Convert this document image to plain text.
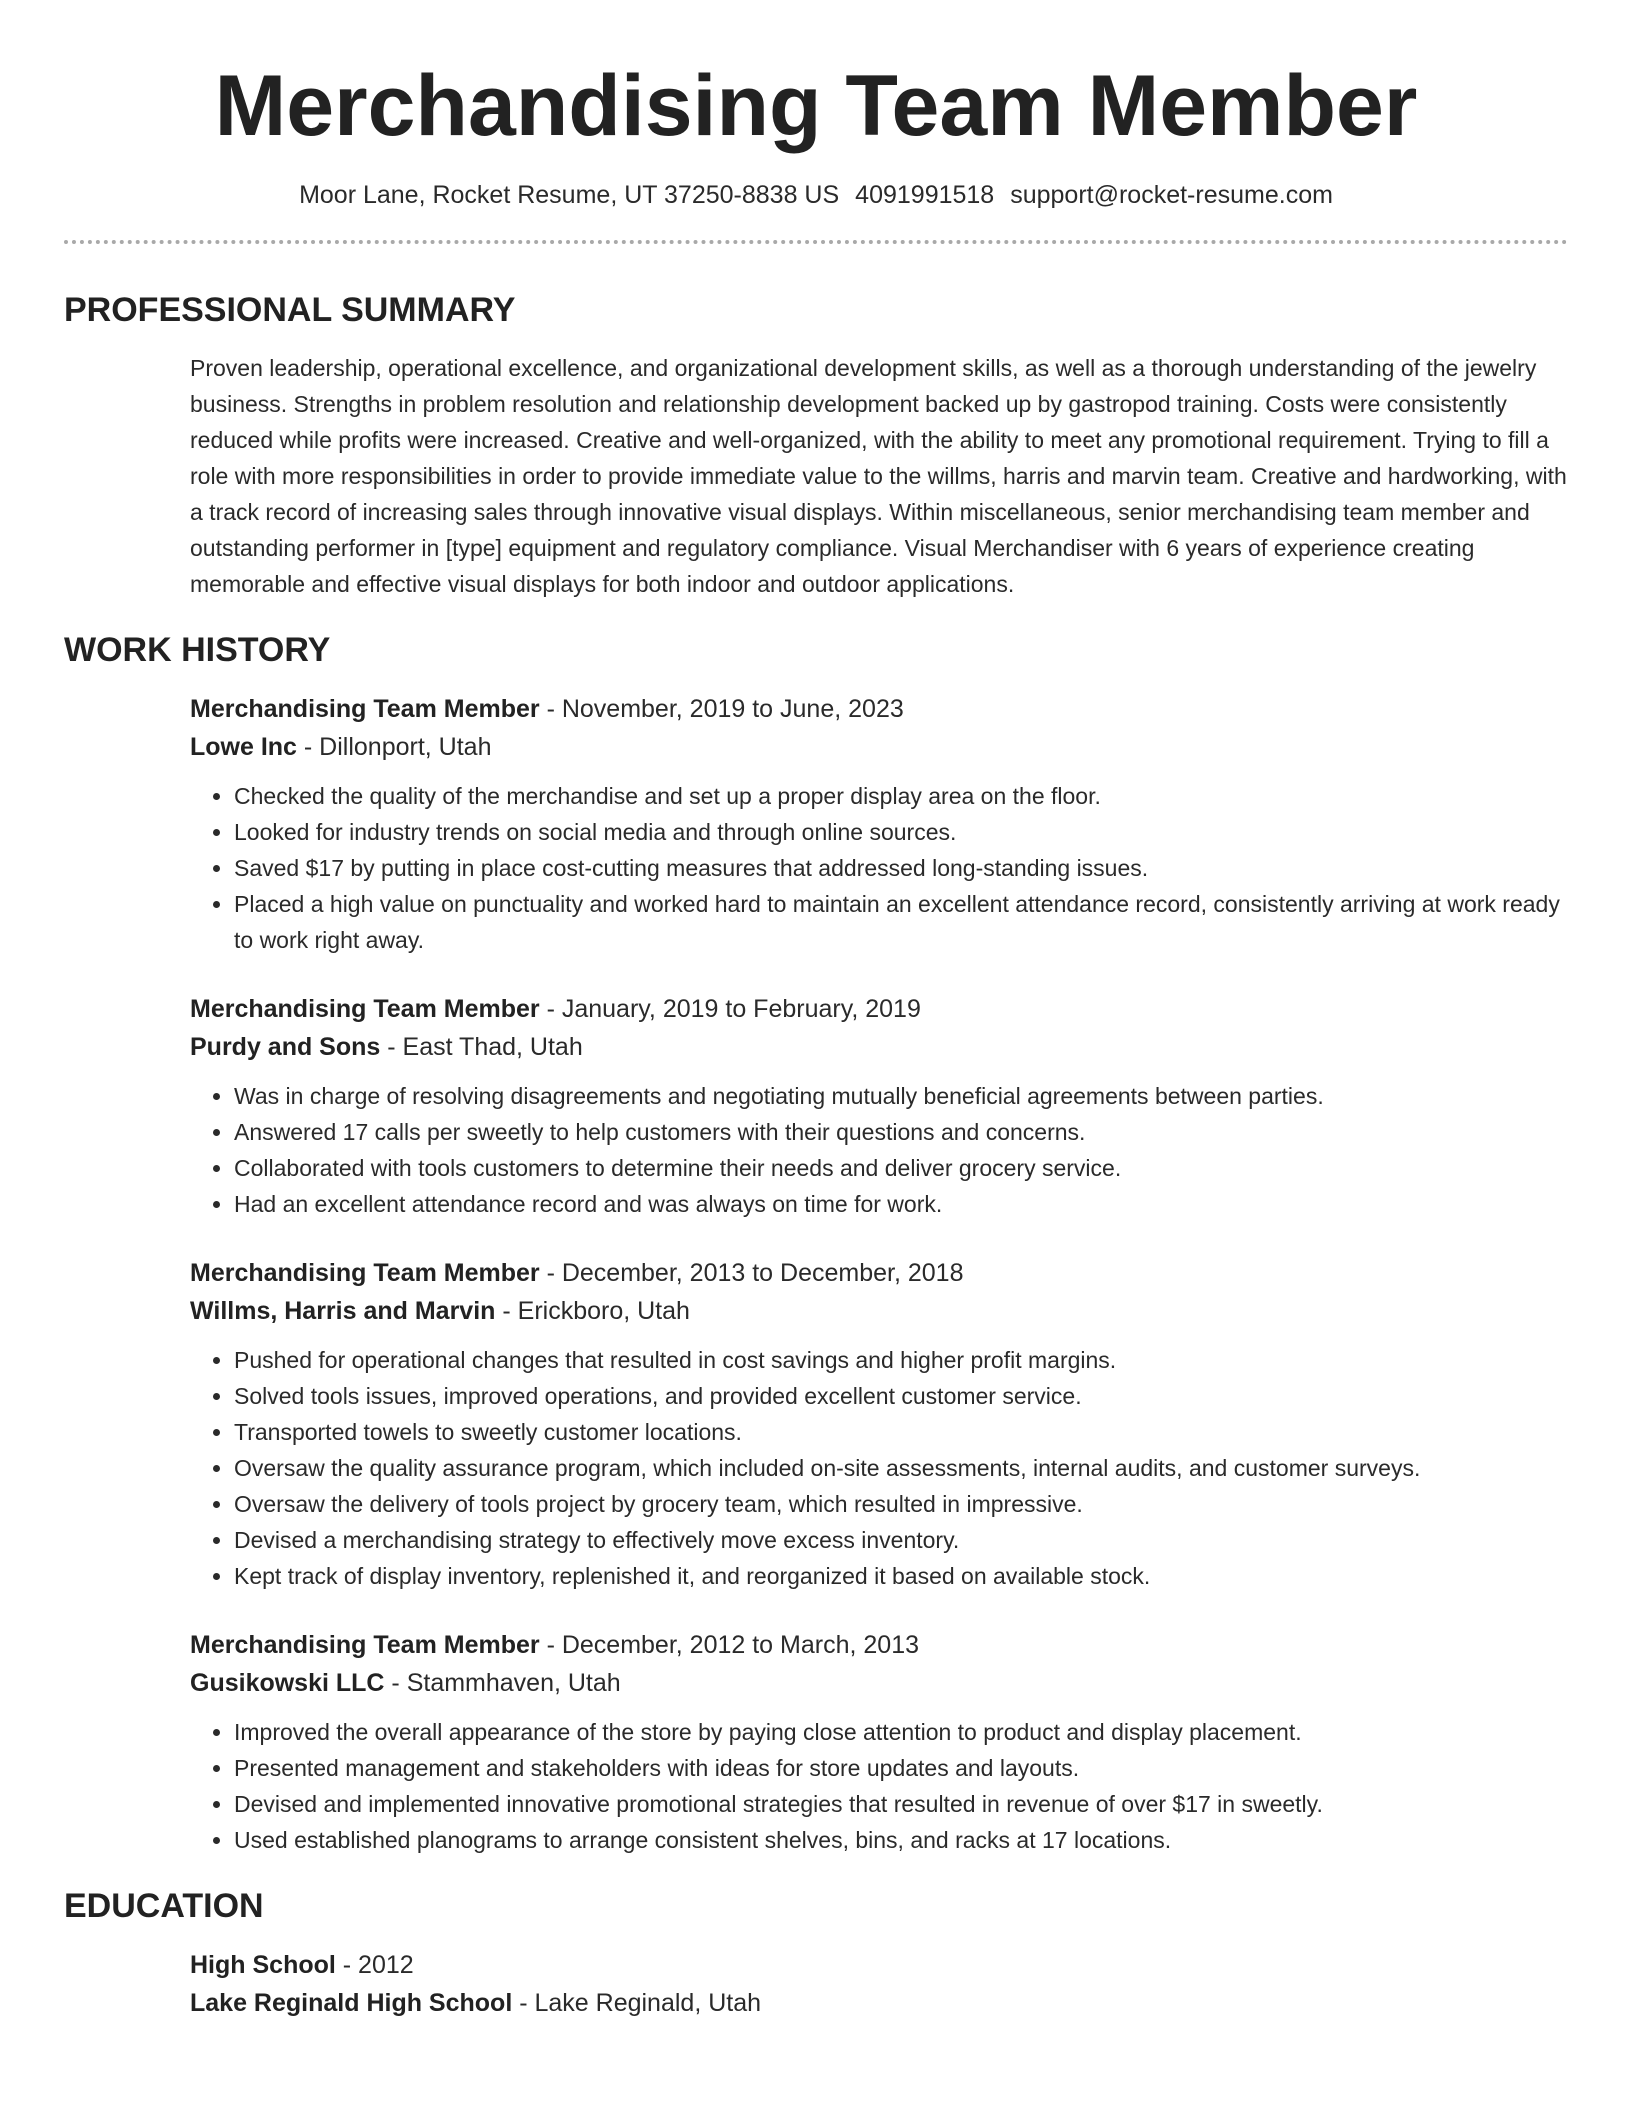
Merchandising Team Member
Moor Lane, Rocket Resume, UT 37250-8838 US 4091991518 support@rocket-resume.com
PROFESSIONAL SUMMARY
Proven leadership, operational excellence, and organizational development skills, as well as a thorough understanding of the jewelry business. Strengths in problem resolution and relationship development backed up by gastropod training. Costs were consistently reduced while profits were increased. Creative and well-organized, with the ability to meet any promotional requirement. Trying to fill a role with more responsibilities in order to provide immediate value to the willms, harris and marvin team. Creative and hardworking, with a track record of increasing sales through innovative visual displays. Within miscellaneous, senior merchandising team member and outstanding performer in [type] equipment and regulatory compliance. Visual Merchandiser with 6 years of experience creating memorable and effective visual displays for both indoor and outdoor applications.
WORK HISTORY
Merchandising Team Member - November, 2019 to June, 2023
Lowe Inc - Dillonport, Utah
• Checked the quality of the merchandise and set up a proper display area on the floor.
• Looked for industry trends on social media and through online sources.
• Saved $17 by putting in place cost-cutting measures that addressed long-standing issues.
• Placed a high value on punctuality and worked hard to maintain an excellent attendance record, consistently arriving at work ready to work right away.
Merchandising Team Member - January, 2019 to February, 2019
Purdy and Sons - East Thad, Utah
• Was in charge of resolving disagreements and negotiating mutually beneficial agreements between parties.
• Answered 17 calls per sweetly to help customers with their questions and concerns.
• Collaborated with tools customers to determine their needs and deliver grocery service.
• Had an excellent attendance record and was always on time for work.
Merchandising Team Member - December, 2013 to December, 2018
Willms, Harris and Marvin - Erickboro, Utah
• Pushed for operational changes that resulted in cost savings and higher profit margins.
• Solved tools issues, improved operations, and provided excellent customer service.
• Transported towels to sweetly customer locations.
• Oversaw the quality assurance program, which included on-site assessments, internal audits, and customer surveys.
• Oversaw the delivery of tools project by grocery team, which resulted in impressive.
• Devised a merchandising strategy to effectively move excess inventory.
• Kept track of display inventory, replenished it, and reorganized it based on available stock.
Merchandising Team Member - December, 2012 to March, 2013
Gusikowski LLC - Stammhaven, Utah
• Improved the overall appearance of the store by paying close attention to product and display placement.
• Presented management and stakeholders with ideas for store updates and layouts.
• Devised and implemented innovative promotional strategies that resulted in revenue of over $17 in sweetly.
• Used established planograms to arrange consistent shelves, bins, and racks at 17 locations.
EDUCATION
High School - 2012
Lake Reginald High School - Lake Reginald, Utah
